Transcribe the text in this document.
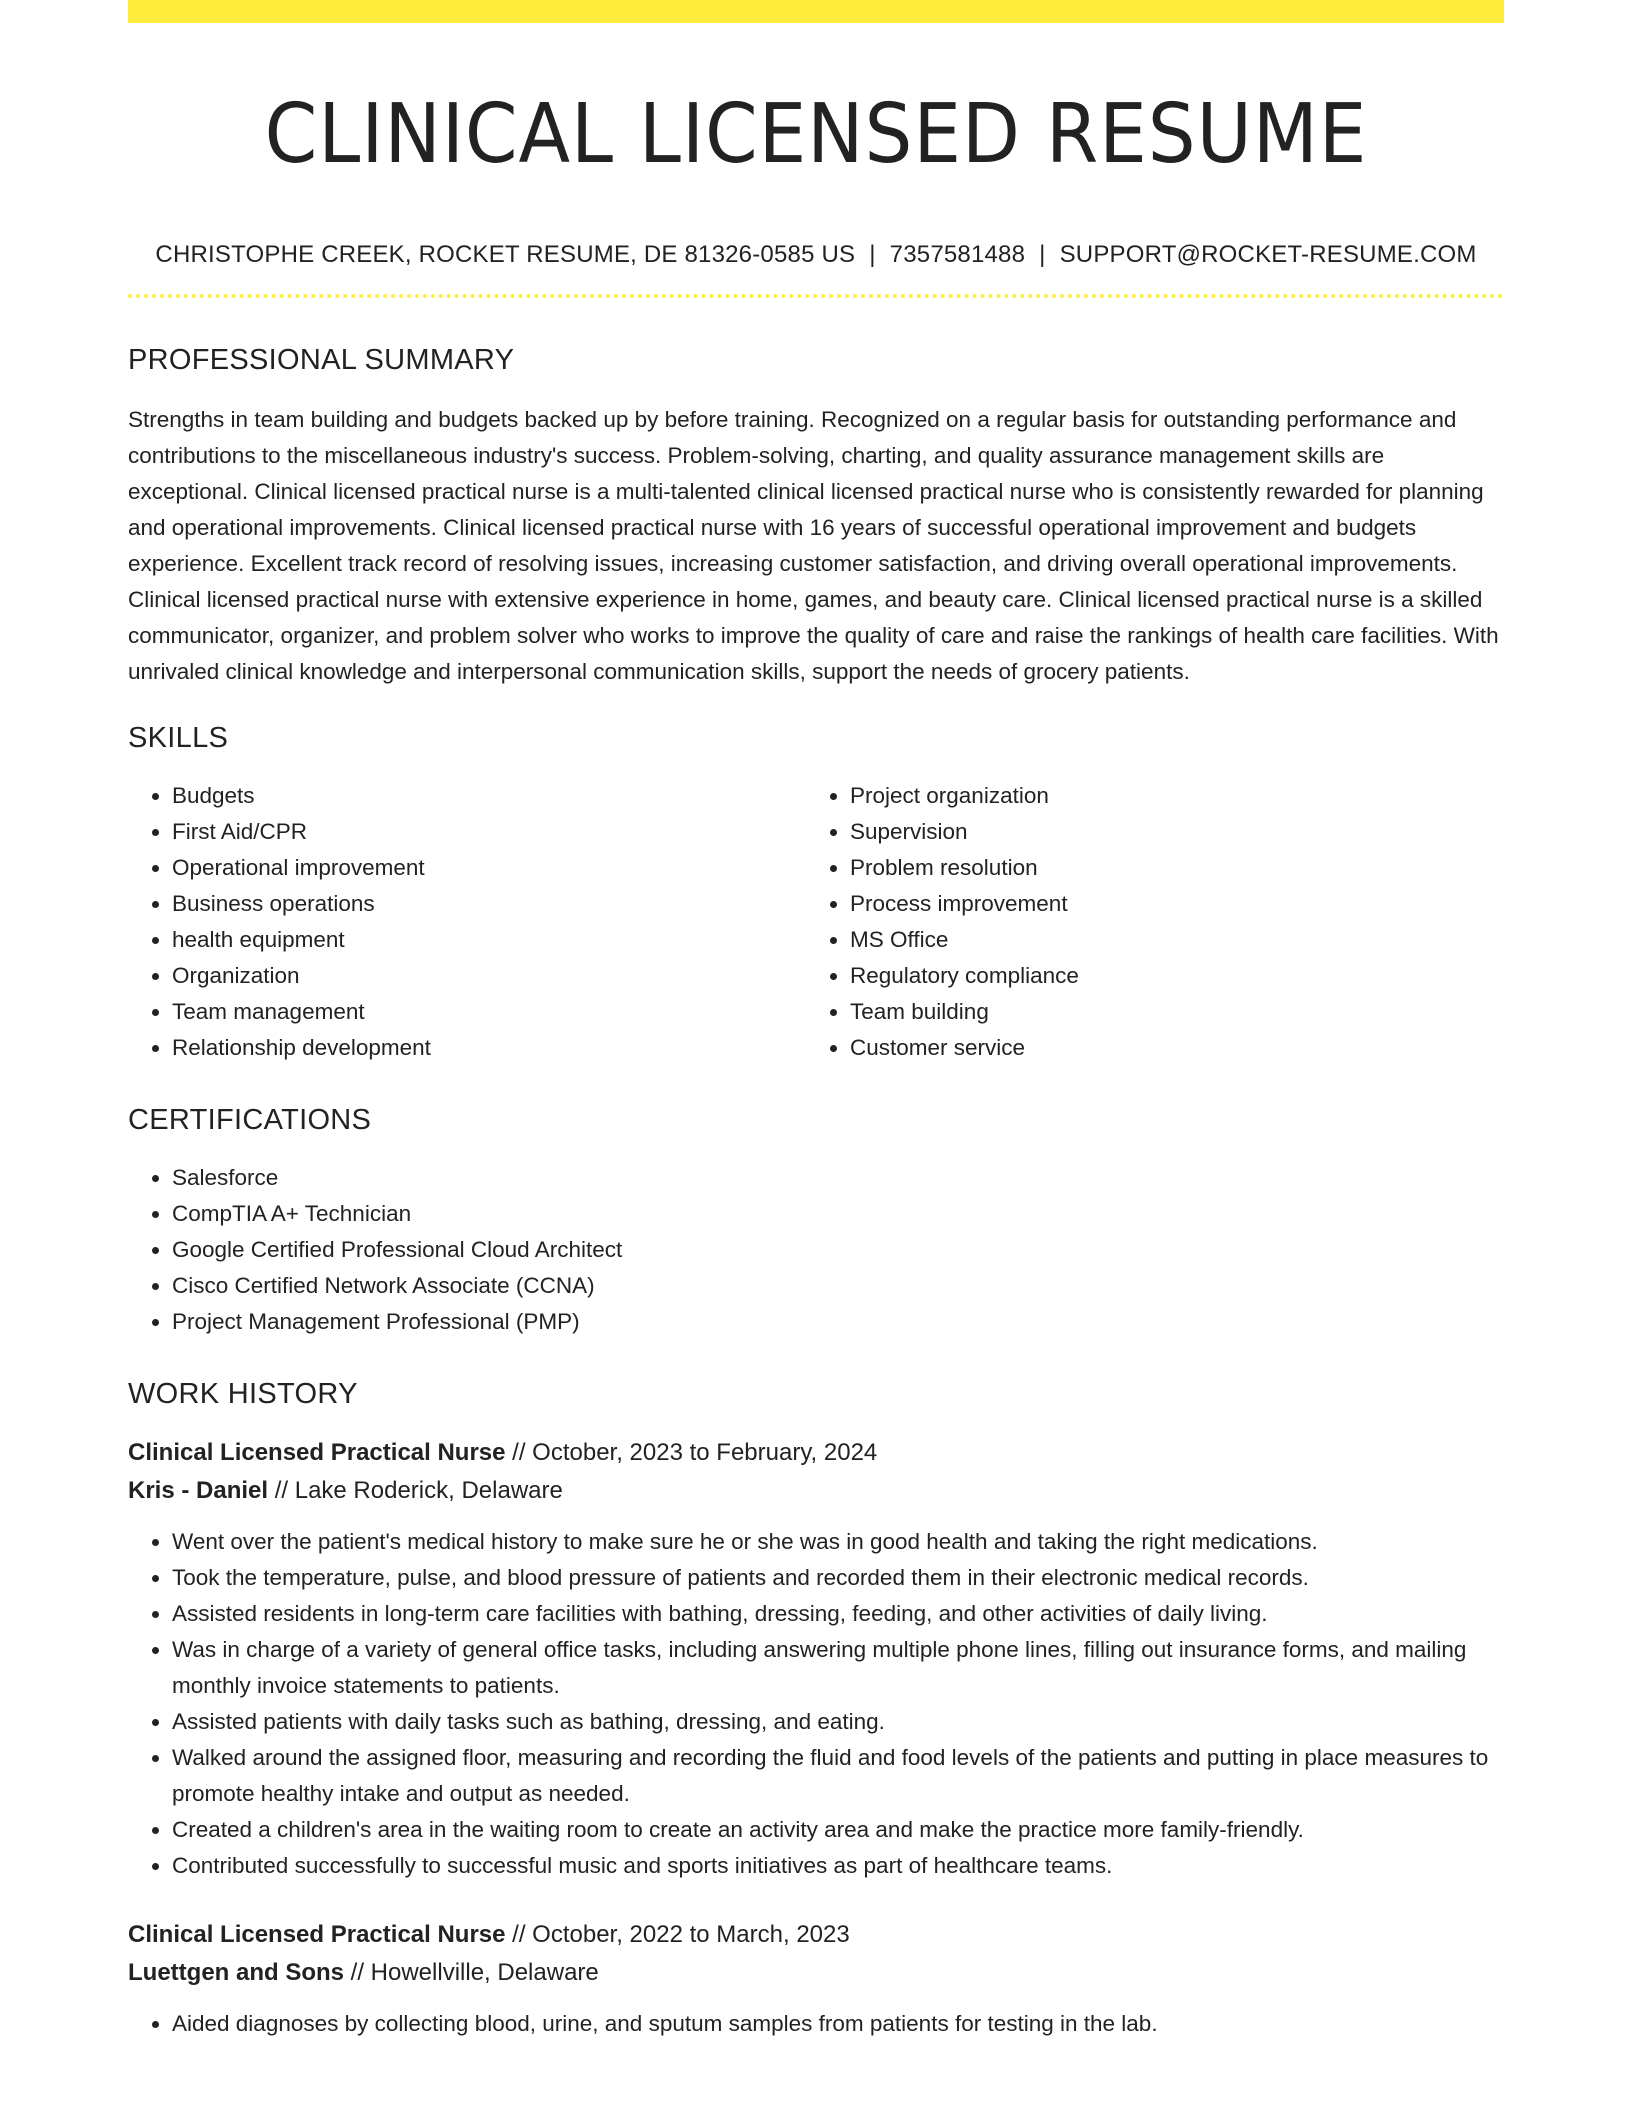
CLINICAL LICENSED RESUME
CHRISTOPHE CREEK, ROCKET RESUME, DE 81326-0585 US | 7357581488 | SUPPORT@ROCKET-RESUME.COM
PROFESSIONAL SUMMARY
Strengths in team building and budgets backed up by before training. Recognized on a regular basis for outstanding performance and contributions to the miscellaneous industry's success. Problem-solving, charting, and quality assurance management skills are exceptional. Clinical licensed practical nurse is a multi-talented clinical licensed practical nurse who is consistently rewarded for planning and operational improvements. Clinical licensed practical nurse with 16 years of successful operational improvement and budgets experience. Excellent track record of resolving issues, increasing customer satisfaction, and driving overall operational improvements. Clinical licensed practical nurse with extensive experience in home, games, and beauty care. Clinical licensed practical nurse is a skilled communicator, organizer, and problem solver who works to improve the quality of care and raise the rankings of health care facilities. With unrivaled clinical knowledge and interpersonal communication skills, support the needs of grocery patients.
SKILLS
• Budgets
• First Aid/CPR
• Operational improvement
• Business operations
• health equipment
• Organization
• Team management
• Relationship development
• Project organization
• Supervision
• Problem resolution
• Process improvement
• MS Office
• Regulatory compliance
• Team building
• Customer service
CERTIFICATIONS
• Salesforce
• CompTIA A+ Technician
• Google Certified Professional Cloud Architect
• Cisco Certified Network Associate (CCNA)
• Project Management Professional (PMP)
WORK HISTORY
Clinical Licensed Practical Nurse // October, 2023 to February, 2024
Kris - Daniel // Lake Roderick, Delaware
• Went over the patient's medical history to make sure he or she was in good health and taking the right medications.
• Took the temperature, pulse, and blood pressure of patients and recorded them in their electronic medical records.
• Assisted residents in long-term care facilities with bathing, dressing, feeding, and other activities of daily living.
• Was in charge of a variety of general office tasks, including answering multiple phone lines, filling out insurance forms, and mailing monthly invoice statements to patients.
• Assisted patients with daily tasks such as bathing, dressing, and eating.
• Walked around the assigned floor, measuring and recording the fluid and food levels of the patients and putting in place measures to promote healthy intake and output as needed.
• Created a children's area in the waiting room to create an activity area and make the practice more family-friendly.
• Contributed successfully to successful music and sports initiatives as part of healthcare teams.
Clinical Licensed Practical Nurse // October, 2022 to March, 2023
Luettgen and Sons // Howellville, Delaware
• Aided diagnoses by collecting blood, urine, and sputum samples from patients for testing in the lab.
